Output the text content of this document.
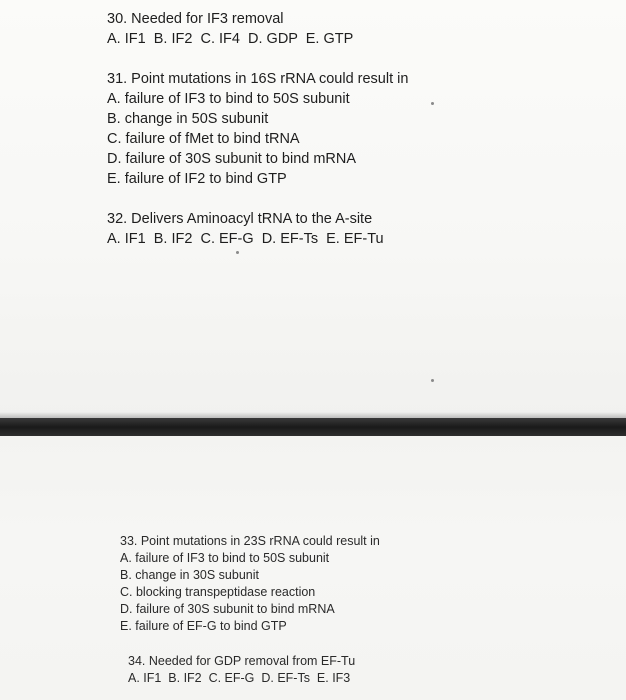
30. Needed for IF3 removal
A. IF1  B. IF2  C. IF4  D. GDP  E. GTP
31. Point mutations in 16S rRNA could result in
A. failure of IF3 to bind to 50S subunit
B. change in 50S subunit
C. failure of fMet to bind tRNA
D. failure of 30S subunit to bind mRNA
E. failure of IF2 to bind GTP
32. Delivers Aminoacyl tRNA to the A-site
A. IF1  B. IF2  C. EF-G  D. EF-Ts  E. EF-Tu
33. Point mutations in 23S rRNA could result in
A. failure of IF3 to bind to 50S subunit
B. change in 30S subunit
C. blocking transpeptidase reaction
D. failure of 30S subunit to bind mRNA
E. failure of EF-G to bind GTP
34. Needed for GDP removal from EF-Tu
A. IF1  B. IF2  C. EF-G  D. EF-Ts  E. IF3
